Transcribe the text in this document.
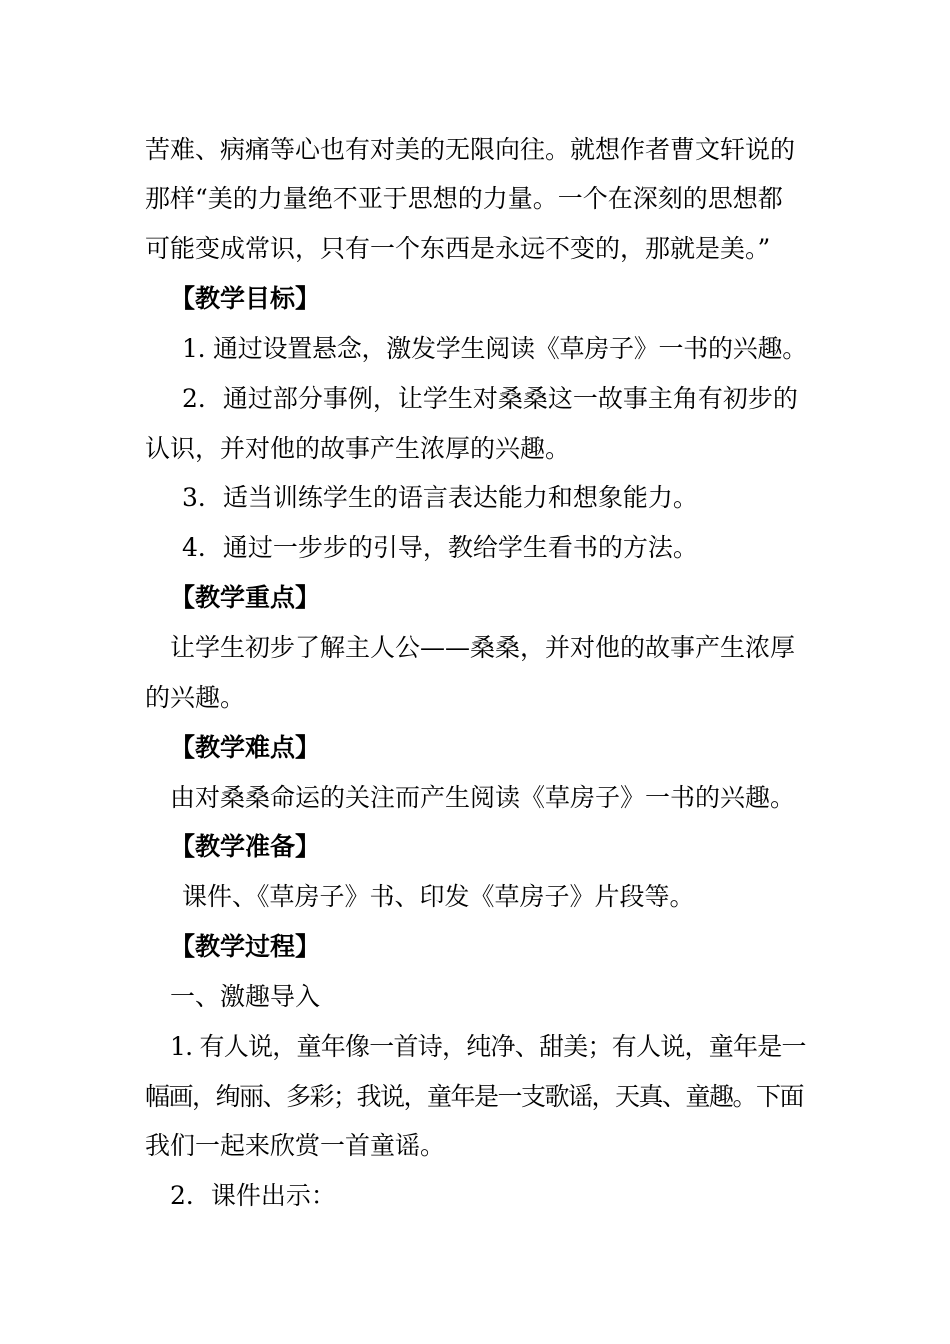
苦难、病痛等心也有对美的无限向往。就想作者曹文轩说的
那样“美的力量绝不亚于思想的力量。一个在深刻的思想都
可能变成常识，只有一个东西是永远不变的，那就是美。”
【教学目标】
1. 通过设置悬念，激发学生阅读《草房子》一书的兴趣。
2．通过部分事例，让学生对桑桑这一故事主角有初步的
认识，并对他的故事产生浓厚的兴趣。
3．适当训练学生的语言表达能力和想象能力。
4．通过一步步的引导，教给学生看书的方法。
【教学重点】
让学生初步了解主人公——桑桑，并对他的故事产生浓厚
的兴趣。
【教学难点】
由对桑桑命运的关注而产生阅读《草房子》一书的兴趣。
【教学准备】
课件、《草房子》书、印发《草房子》片段等。
【教学过程】
一、激趣导入
1. 有人说，童年像一首诗，纯净、甜美；有人说，童年是一
幅画，绚丽、多彩；我说，童年是一支歌谣，天真、童趣。下面
我们一起来欣赏一首童谣。
2．课件出示：
